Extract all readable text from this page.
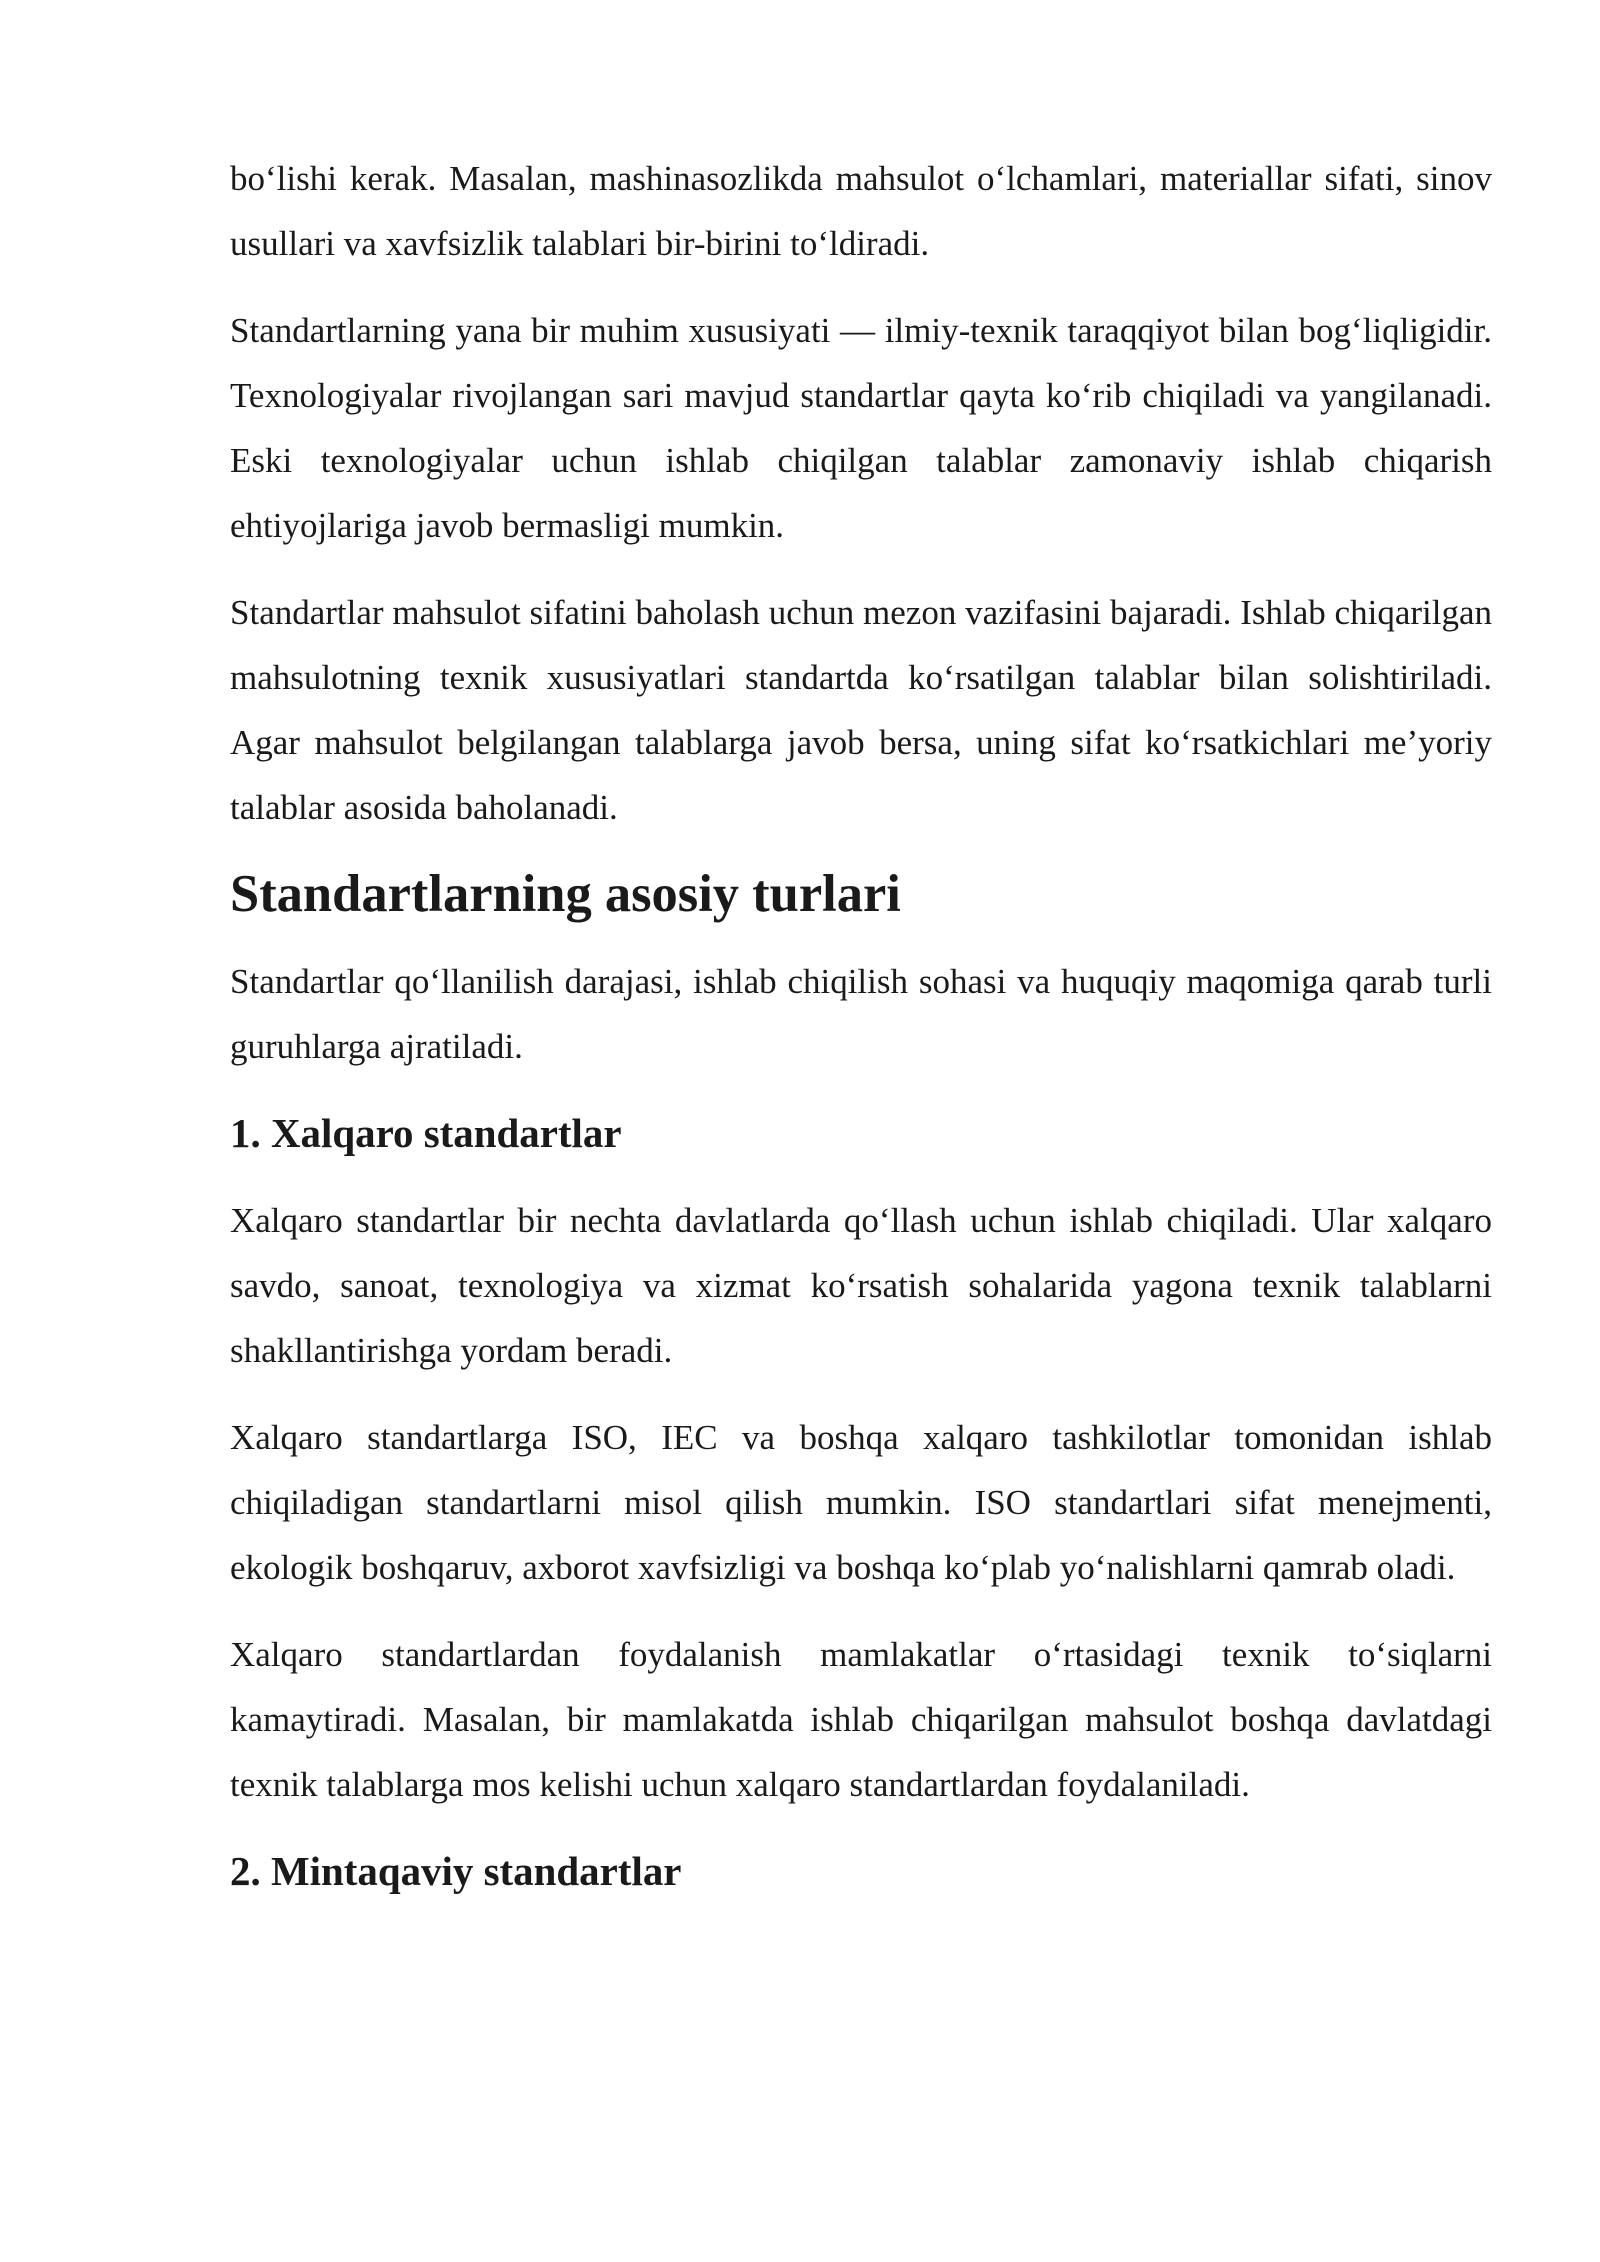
bo‘lishi kerak. Masalan, mashinasozlikda mahsulot o‘lchamlari, materiallar sifati, sinov usullari va xavfsizlik talablari bir-birini to‘ldiradi.

Standartlarning yana bir muhim xususiyati — ilmiy-texnik taraqqiyot bilan bog‘liqligidir. Texnologiyalar rivojlangan sari mavjud standartlar qayta ko‘rib chiqiladi va yangilanadi. Eski texnologiyalar uchun ishlab chiqilgan talablar zamonaviy ishlab chiqarish ehtiyojlariga javob bermasligi mumkin.

Standartlar mahsulot sifatini baholash uchun mezon vazifasini bajaradi. Ishlab chiqarilgan mahsulotning texnik xususiyatlari standartda ko‘rsatilgan talablar bilan solishtiriladi. Agar mahsulot belgilangan talablarga javob bersa, uning sifat ko‘rsatkichlari me’yoriy talablar asosida baholanadi.

Standartlarning asosiy turlari

Standartlar qo‘llanilish darajasi, ishlab chiqilish sohasi va huquqiy maqomiga qarab turli guruhlarga ajratiladi.

1. Xalqaro standartlar

Xalqaro standartlar bir nechta davlatlarda qo‘llash uchun ishlab chiqiladi. Ular xalqaro savdo, sanoat, texnologiya va xizmat ko‘rsatish sohalarida yagona texnik talablarni shakllantirishga yordam beradi.

Xalqaro standartlarga ISO, IEC va boshqa xalqaro tashkilotlar tomonidan ishlab chiqiladigan standartlarni misol qilish mumkin. ISO standartlari sifat menejmenti, ekologik boshqaruv, axborot xavfsizligi va boshqa ko‘plab yo‘nalishlarni qamrab oladi.

Xalqaro standartlardan foydalanish mamlakatlar o‘rtasidagi texnik to‘siqlarni kamaytiradi. Masalan, bir mamlakatda ishlab chiqarilgan mahsulot boshqa davlatdagi texnik talablarga mos kelishi uchun xalqaro standartlardan foydalaniladi.

2. Mintaqaviy standartlar
